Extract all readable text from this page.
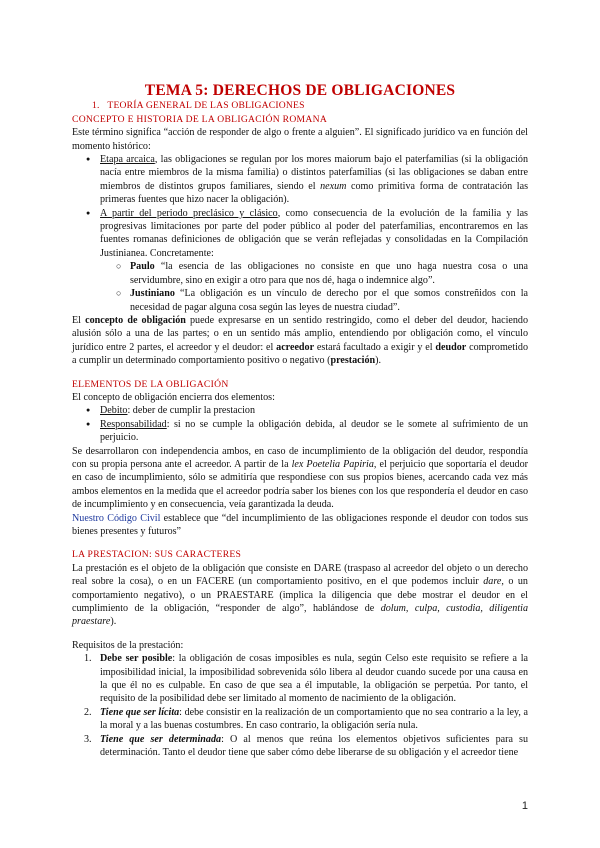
TEMA 5: DERECHOS DE OBLIGACIONES
1. TEORÍA GENERAL DE LAS OBLIGACIONES
CONCEPTO E HISTORIA DE LA OBLIGACIÓN ROMANA

Este término significa “acción de responder de algo o frente a alguien”. El significado jurídico va en función del momento histórico:

● Etapa arcaica, las obligaciones se regulan por los mores maiorum bajo el paterfamilias (si la obligación nacía entre miembros de la misma familia) o distintos paterfamilias (si las obligaciones se daban entre miembros de distintos grupos familiares, siendo el nexum como primitiva forma de contratación las primeras fuentes que hizo nacer la obligación).
● A partir del periodo preclásico y clásico, como consecuencia de la evolución de la familia y las progresivas limitaciones por parte del poder público al poder del paterfamilias, encontraremos en las fuentes romanas definiciones de obligación que se verán reflejadas y consolidadas en la Compilación Justinianea. Concretamente:
○ Paulo “la esencia de las obligaciones no consiste en que uno haga nuestra cosa o una servidumbre, sino en exigir a otro para que nos dé, haga o indemnice algo”.
○ Justiniano “La obligación es un vínculo de derecho por el que somos constreñidos con la necesidad de pagar alguna cosa según las leyes de nuestra ciudad”.

El concepto de obligación puede expresarse en un sentido restringido, como el deber del deudor, haciendo alusión sólo a una de las partes; o en un sentido más amplio, entendiendo por obligación como, el vínculo jurídico entre 2 partes, el acreedor y el deudor: el acreedor estará facultado a exigir y el deudor comprometido a cumplir un determinado comportamiento positivo o negativo (prestación).

ELEMENTOS DE LA OBLIGACIÓN

El concepto de obligación encierra dos elementos:

● Debito: deber de cumplir la prestacion
● Responsabilidad: si no se cumple la obligación debida, al deudor se le somete al sufrimiento de un perjuicio.

Se desarrollaron con independencia ambos, en caso de incumplimiento de la obligación del deudor, respondía con su propia persona ante el acreedor. A partir de la lex Poetelia Papiria, el perjuicio que soportaría el deudor en caso de incumplimiento, sólo se admitiría que respondiese con sus propios bienes, acercando cada vez más ambos elementos en la medida que el acreedor podría saber los bienes con los que respondería el deudor en caso de incumplimiento y en consecuencia, veía garantizada la deuda.

Nuestro Código Civil establece que “del incumplimiento de las obligaciones responde el deudor con todos sus bienes presentes y futuros”

LA PRESTACION: SUS CARACTERES

La prestación es el objeto de la obligación que consiste en DARE (traspaso al acreedor del objeto o un derecho real sobre la cosa), o en un FACERE (un comportamiento positivo, en el que podemos incluir dare, o un comportamiento negativo), o un PRAESTARE (implica la diligencia que debe mostrar el deudor en el cumplimiento de la obligación, “responder de algo”, hablándose de dolum, culpa, custodia, diligentia praestare).

Requisitos de la prestación:

1. Debe ser posible: la obligación de cosas imposibles es nula, según Celso este requisito se refiere a la imposibilidad inicial, la imposibilidad sobrevenida sólo libera al deudor cuando sucede por una causa en la que él no es culpable. En caso de que sea a él imputable, la obligación se perpetúa. Por tanto, el requisito de la posibilidad debe ser limitado al momento de nacimiento de la obligación.
2. Tiene que ser lícita: debe consistir en la realización de un comportamiento que no sea contrario a la ley, a la moral y a las buenas costumbres. En caso contrario, la obligación sería nula.
3. Tiene que ser determinada: O al menos que reúna los elementos objetivos suficientes para su determinación. Tanto el deudor tiene que saber cómo debe liberarse de su obligación y el acreedor tiene
1
